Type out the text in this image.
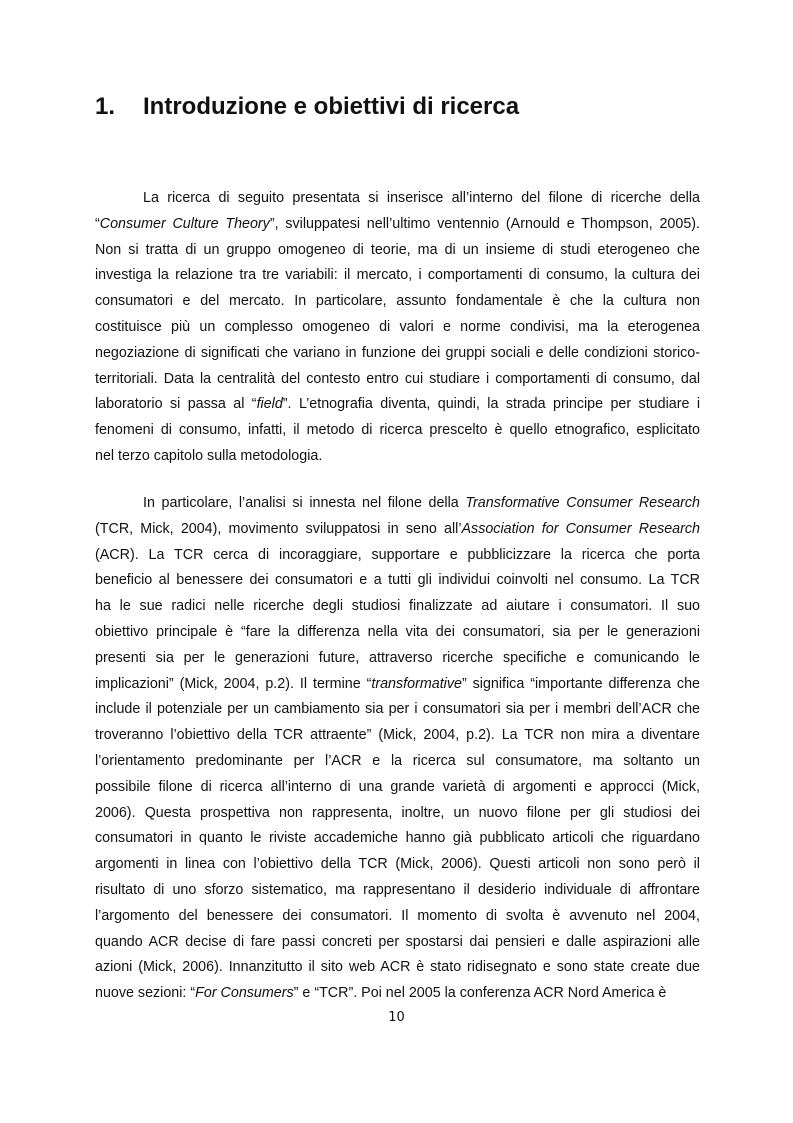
1. Introduzione e obiettivi di ricerca
La ricerca di seguito presentata si inserisce all’interno del filone di ricerche della
“Consumer Culture Theory”, sviluppatesi nell’ultimo ventennio (Arnould e Thompson, 2005).
Non si tratta di un gruppo omogeneo di teorie, ma di un insieme di studi eterogeneo che
investiga la relazione tra tre variabili: il mercato, i comportamenti di consumo, la cultura dei
consumatori e del mercato. In particolare, assunto fondamentale è che la cultura non
costituisce più un complesso omogeneo di valori e norme condivisi, ma la eterogenea
negoziazione di significati che variano in funzione dei gruppi sociali e delle condizioni storico-
territoriali. Data la centralità del contesto entro cui studiare i comportamenti di consumo, dal
laboratorio si passa al “field”. L’etnografia diventa, quindi, la strada principe per studiare i
fenomeni di consumo, infatti, il metodo di ricerca prescelto è quello etnografico, esplicitato
nel terzo capitolo sulla metodologia.
In particolare, l’analisi si innesta nel filone della Transformative Consumer Research
(TCR, Mick, 2004), movimento sviluppatosi in seno all’Association for Consumer Research
(ACR). La TCR cerca di incoraggiare, supportare e pubblicizzare la ricerca che porta
beneficio al benessere dei consumatori e a tutti gli individui coinvolti nel consumo. La TCR
ha le sue radici nelle ricerche degli studiosi finalizzate ad aiutare i consumatori. Il suo
obiettivo principale è “fare la differenza nella vita dei consumatori, sia per le generazioni
presenti sia per le generazioni future, attraverso ricerche specifiche e comunicando le
implicazioni” (Mick, 2004, p.2). Il termine “transformative” significa “importante differenza che
include il potenziale per un cambiamento sia per i consumatori sia per i membri dell’ACR che
troveranno l’obiettivo della TCR attraente” (Mick, 2004, p.2). La TCR non mira a diventare
l’orientamento predominante per l’ACR e la ricerca sul consumatore, ma soltanto un
possibile filone di ricerca all’interno di una grande varietà di argomenti e approcci (Mick,
2006). Questa prospettiva non rappresenta, inoltre, un nuovo filone per gli studiosi dei
consumatori in quanto le riviste accademiche hanno già pubblicato articoli che riguardano
argomenti in linea con l’obiettivo della TCR (Mick, 2006). Questi articoli non sono però il
risultato di uno sforzo sistematico, ma rappresentano il desiderio individuale di affrontare
l’argomento del benessere dei consumatori. Il momento di svolta è avvenuto nel 2004,
quando ACR decise di fare passi concreti per spostarsi dai pensieri e dalle aspirazioni alle
azioni (Mick, 2006). Innanzitutto il sito web ACR è stato ridisegnato e sono state create due
nuove sezioni: “For Consumers” e “TCR”. Poi nel 2005 la conferenza ACR Nord America è
10
